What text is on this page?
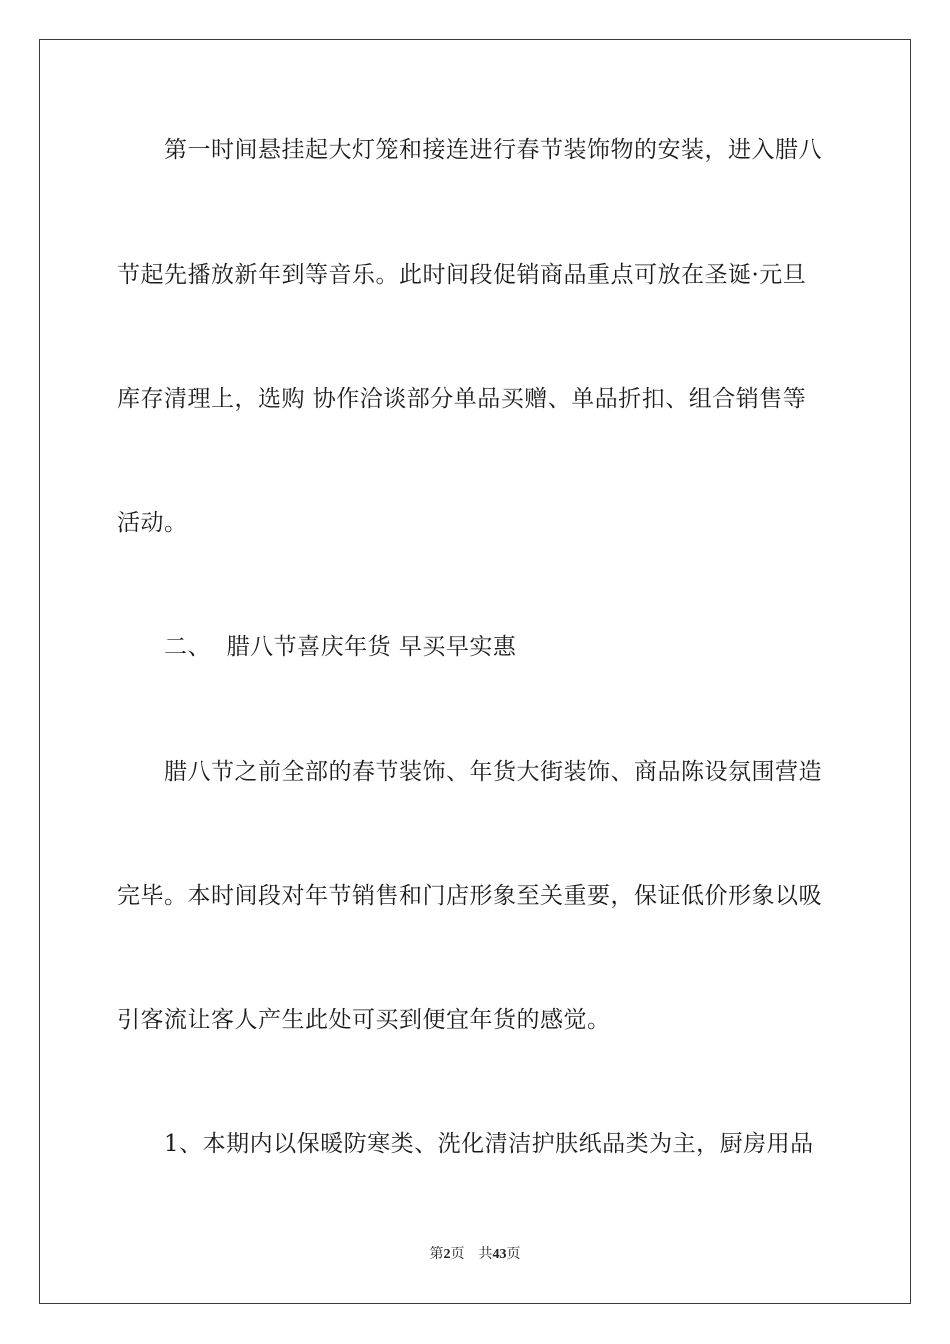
第一时间悬挂起大灯笼和接连进行春节装饰物的安装，进入腊八
节起先播放新年到等音乐。此时间段促销商品重点可放在圣诞·元旦
库存清理上，选购 协作洽谈部分单品买赠、单品折扣、组合销售等
活动。
二、  腊八节喜庆年货 早买早实惠
腊八节之前全部的春节装饰、年货大街装饰、商品陈设氛围营造
完毕。本时间段对年节销售和门店形象至关重要，保证低价形象以吸
引客流让客人产生此处可买到便宜年货的感觉。
1、本期内以保暖防寒类、洗化清洁护肤纸品类为主，厨房用品
第2页 共43页
